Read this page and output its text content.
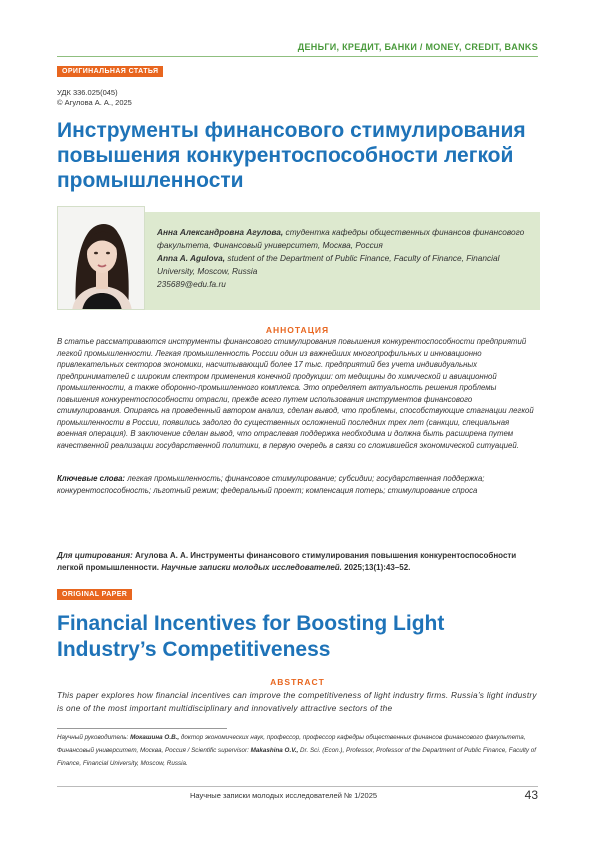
ДЕНЬГИ, КРЕДИТ, БАНКИ / MONEY, CREDIT, BANKS
ОРИГИНАЛЬНАЯ СТАТЬЯ
УДК 336.025(045)
© Агулова А. А., 2025
Инструменты финансового стимулирования повышения конкурентоспособности легкой промышленности
Анна Александровна Агулова, студентка кафедры общественных финансов финансового факультета, Финансовый университет, Москва, Россия
Anna A. Agulova, student of the Department of Public Finance, Faculty of Finance, Financial University, Moscow, Russia
235689@edu.fa.ru
АННОТАЦИЯ

В статье рассматриваются инструменты финансового стимулирования повышения конкурентоспособности предприятий легкой промышленности. Легкая промышленность России один из важнейших многопрофильных и инновационно привлекательных секторов экономики, насчитывающий более 17 тыс. предприятий без учета индивидуальных предпринимателей с широким спектром применения конечной продукции: от медицины до химической и авиационной промышленности, а также оборонно-промышленного комплекса. Это определяет актуальность решения проблемы повышения конкурентоспособности отрасли, прежде всего путем использования инструментов финансового стимулирования. Опираясь на проведенный автором анализ, сделан вывод, что проблемы, способствующие стагнации легкой промышленности в России, появились задолго до существенных осложнений последних трех лет (санкции, специальная военная операция). В заключение сделан вывод, что отраслевая поддержка необходима и должна быть расширена путем качественной реализации государственной политики, в первую очередь в связи со сложившейся экономической ситуацией.

Ключевые слова: легкая промышленность; финансовое стимулирование; субсидии; государственная поддержка; конкурентоспособность; льготный режим; федеральный проект; компенсация потерь; стимулирование спроса

Для цитирования: Агулова А. А. Инструменты финансового стимулирования повышения конкурентоспособности легкой промышленности. Научные записки молодых исследователей. 2025;13(1):43–52.

ORIGINAL PAPER
Financial Incentives for Boosting Light Industry’s Competitiveness
ABSTRACT

This paper explores how financial incentives can improve the competitiveness of light industry firms. Russia’s light industry is one of the most important multidisciplinary and innovatively attractive sectors of the

Научный руководитель: Мокашина О.В., доктор экономических наук, профессор, профессор кафедры общественных финансов финансового факультета, Финансовый университет, Москва, Россия / Scientific supervisor: Makashina O.V., Dr. Sci. (Econ.), Professor, Professor of the Department of Public Finance, Faculty of Finance, Financial University, Moscow, Russia.

Научные записки молодых исследователей № 1/2025	43
